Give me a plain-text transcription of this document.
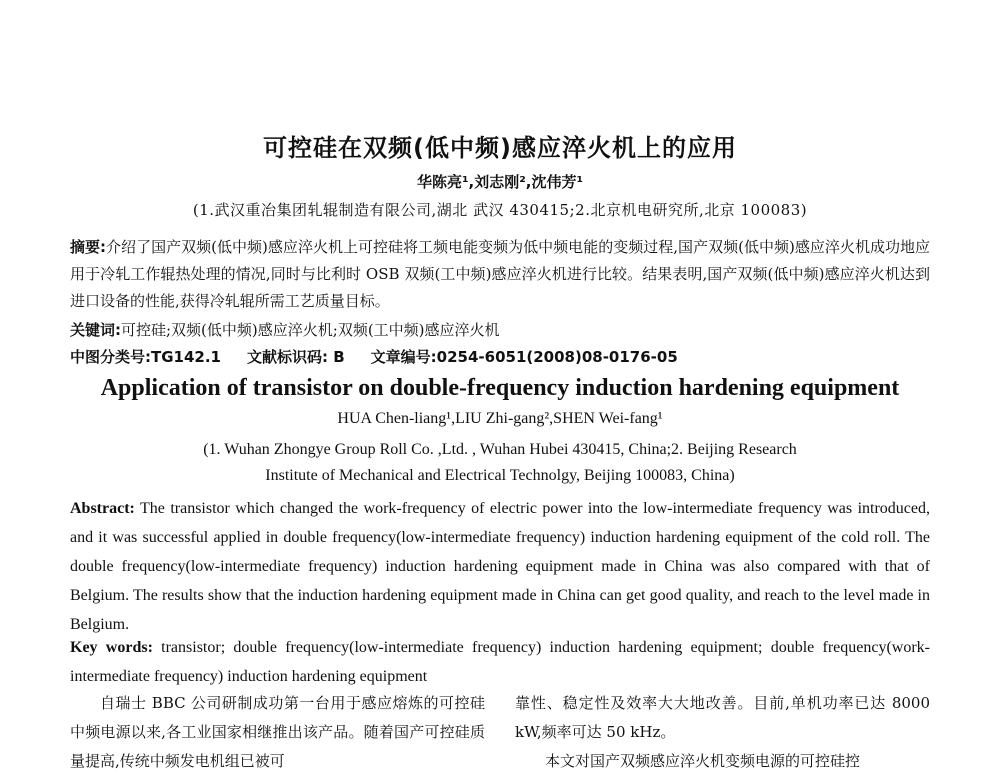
可控硅在双频(低中频)感应淬火机上的应用
华陈亮¹,刘志刚²,沈伟芳¹
(1.武汉重冶集团轧辊制造有限公司,湖北 武汉 430415;2.北京机电研究所,北京 100083)
摘要:介绍了国产双频(低中频)感应淬火机上可控硅将工频电能变频为低中频电能的变频过程,国产双频(低中频)感应淬火机成功地应用于冷轧工作辊热处理的情况,同时与比利时 OSB 双频(工中频)感应淬火机进行比较。结果表明,国产双频(低中频)感应淬火机达到进口设备的性能,获得冷轧辊所需工艺质量目标。
关键词:可控硅;双频(低中频)感应淬火机;双频(工中频)感应淬火机
中图分类号:TG142.1 文献标识码: B 文章编号:0254-6051(2008)08-0176-05
Application of transistor on double-frequency induction hardening equipment
HUA Chen-liang¹,LIU Zhi-gang²,SHEN Wei-fang¹
(1. Wuhan Zhongye Group Roll Co. ,Ltd. , Wuhan Hubei 430415, China;2. Beijing Research
Institute of Mechanical and Electrical Technolgy, Beijing 100083, China)
Abstract: The transistor which changed the work-frequency of electric power into the low-intermediate frequency was introduced, and it was successful applied in double frequency(low-intermediate frequency) induction hardening equipment of the cold roll. The double frequency(low-intermediate frequency) induction hardening equipment made in China was also compared with that of Belgium. The results show that the induction hardening equipment made in China can get good quality, and reach to the level made in Belgium.
Key words: transistor; double frequency(low-intermediate frequency) induction hardening equipment; double frequency(work-intermediate frequency) induction hardening equipment
自瑞士 BBC 公司研制成功第一台用于感应熔炼的可控硅中频电源以来,各工业国家相继推出该产品。随着国产可控硅质量提高,传统中频发电机组已被可
靠性、稳定性及效率大大地改善。目前,单机功率已达 8000 kW,频率可达 50 kHz。
本文对国产双频感应淬火机变频电源的可控硅控
